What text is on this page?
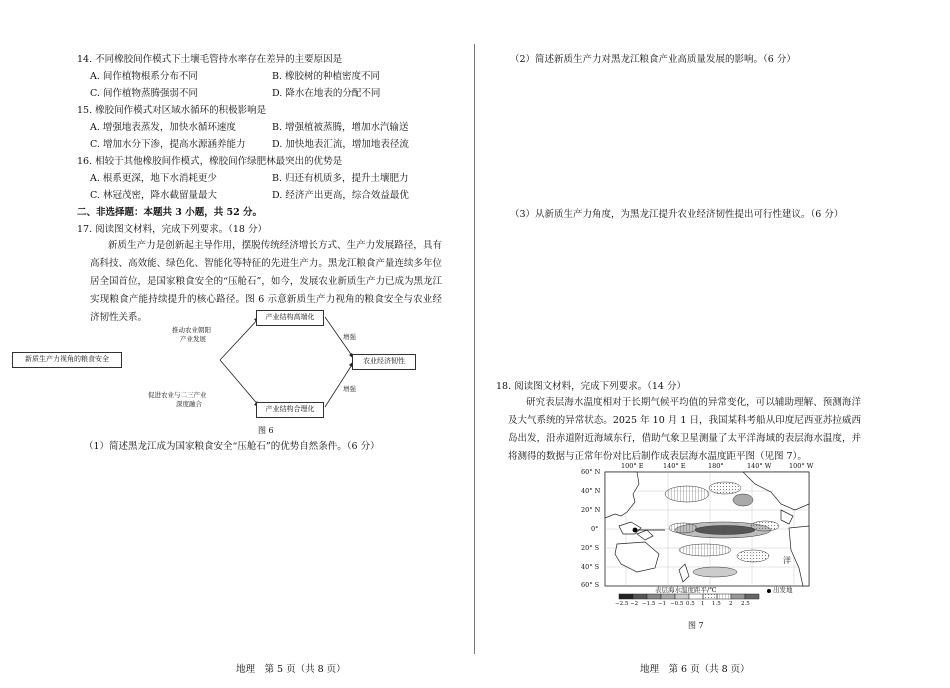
14. 不同橡胶间作模式下土壤毛管持水率存在差异的主要原因是
A. 间作植物根系分布不同	B. 橡胶树的种植密度不同
C. 间作植物蒸腾强弱不同	D. 降水在地表的分配不同
15. 橡胶间作模式对区域水循环的积极影响是
A. 增强地表蒸发，加快水循环速度	B. 增强植被蒸腾，增加水汽输送
C. 增加水分下渗，提高水源涵养能力	D. 加快地表汇流，增加地表径流
16. 相较于其他橡胶间作模式，橡胶间作绿肥林最突出的优势是
A. 根系更深，地下水消耗更少	B. 归还有机质多，提升土壤肥力
C. 林冠茂密，降水截留量最大	D. 经济产出更高，综合效益最优
二、非选择题：本题共 3 小题，共 52 分。
17. 阅读图文材料，完成下列要求。（18 分）
新质生产力是创新起主导作用，摆脱传统经济增长方式、生产力发展路径，具有高科技、高效能、绿色化、智能化等特征的先进生产力。黑龙江粮食产量连续多年位居全国首位，是国家粮食安全的“压舱石”，如今，发展农业新质生产力已成为黑龙江实现粮食产能持续提升的核心路径。图 6 示意新质生产力视角的粮食安全与农业经济韧性关系。
新质生产力视角的粮食安全
产业结构高端化
产业结构合理化
农业经济韧性
推动农业朝阳
产业发展
促进农业与二三产业
深度融合
增强
增强
图 6
（1）简述黑龙江成为国家粮食安全“压舱石”的优势自然条件。（6 分）
地理　第 5 页（共 8 页）
（2）简述新质生产力对黑龙江粮食产业高质量发展的影响。（6 分）
（3）从新质生产力角度，为黑龙江提升农业经济韧性提出可行性建议。（6 分）
18. 阅读图文材料，完成下列要求。（14 分）
研究表层海水温度相对于长期气候平均值的异常变化，可以辅助理解、预测海洋及大气系统的异常状态。2025 年 10 月 1 日，我国某科考船从印度尼西亚苏拉威西岛出发，沿赤道附近海域东行，借助气象卫星测量了太平洋海域的表层海水温度，并将测得的数据与正常年份对比后制作成表层海水温度距平图（见图 7）。
100° E	140° E	180°	140° W	100° W
60° N
40° N
20° N
0°
20° S
40° S
60° S
洋
表层海水温度距平/℃	出发地
−2.5 −2 −1.5 −1 −0.5 0.5 1 1.5 2 2.5
图 7
地理　第 6 页（共 8 页）
